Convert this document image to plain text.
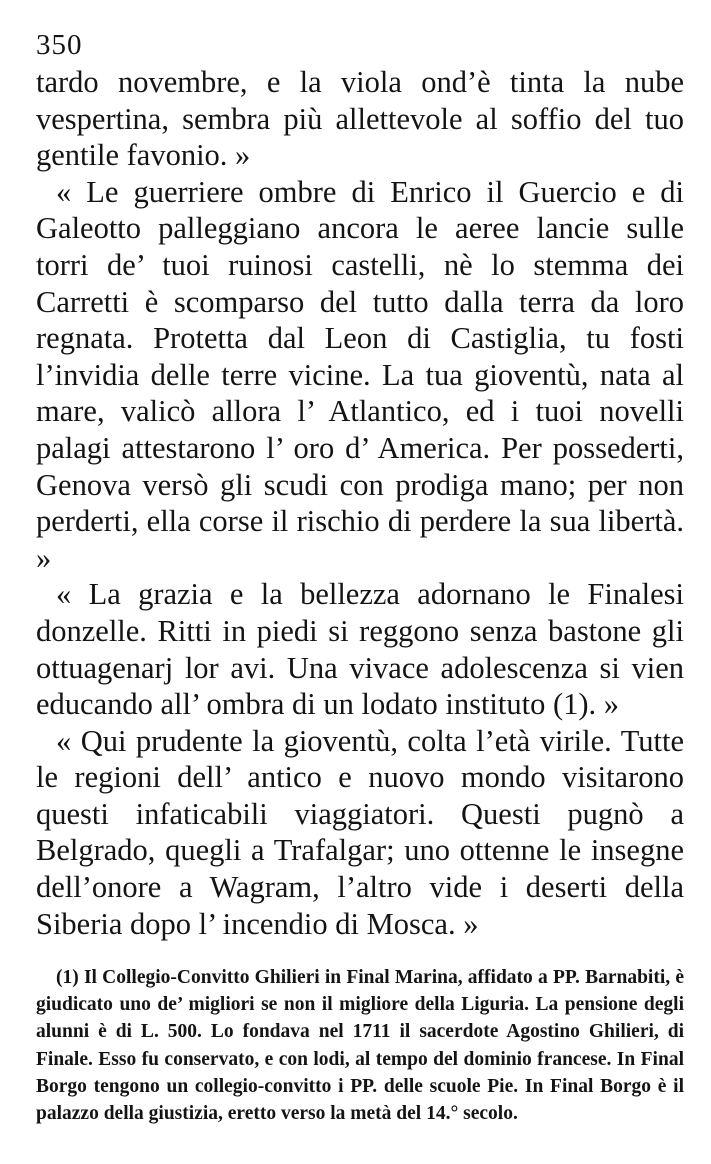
350

tardo novembre, e la viola ond’è tinta la nube vespertina, sembra più allettevole al soffio del tuo gentile favonio. »

« Le guerriere ombre di Enrico il Guercio e di Galeotto palleggiano ancora le aeree lancie sulle torri de’ tuoi ruinosi castelli, nè lo stemma dei Carretti è scomparso del tutto dalla terra da loro regnata. Protetta dal Leon di Castiglia, tu fosti l’invidia delle terre vicine. La tua gioventù, nata al mare, valicò allora l’ Atlantico, ed i tuoi novelli palagi attestarono l’ oro d’ America. Per possederti, Genova versò gli scudi con prodiga mano; per non perderti, ella corse il rischio di perdere la sua libertà. »

« La grazia e la bellezza adornano le Finalesi donzelle. Ritti in piedi si reggono senza bastone gli ottuagenarj lor avi. Una vivace adolescenza si vien educando all’ ombra di un lodato instituto (1). »

« Qui prudente la gioventù, colta l’età virile. Tutte le regioni dell’ antico e nuovo mondo visitarono questi infaticabili viaggiatori. Questi pugnò a Belgrado, quegli a Trafalgar; uno ottenne le insegne dell’onore a Wagram, l’altro vide i deserti della Siberia dopo l’ incendio di Mosca. »

(1) Il Collegio-Convitto Ghilieri in Final Marina, affidato a PP. Barnabiti, è giudicato uno de’ migliori se non il migliore della Liguria. La pensione degli alunni è di L. 500. Lo fondava nel 1711 il sacerdote Agostino Ghilieri, di Finale. Esso fu conservato, e con lodi, al tempo del dominio francese. In Final Borgo tengono un collegio-convitto i PP. delle scuole Pie. In Final Borgo è il palazzo della giustizia, eretto verso la metà del 14.° secolo.
